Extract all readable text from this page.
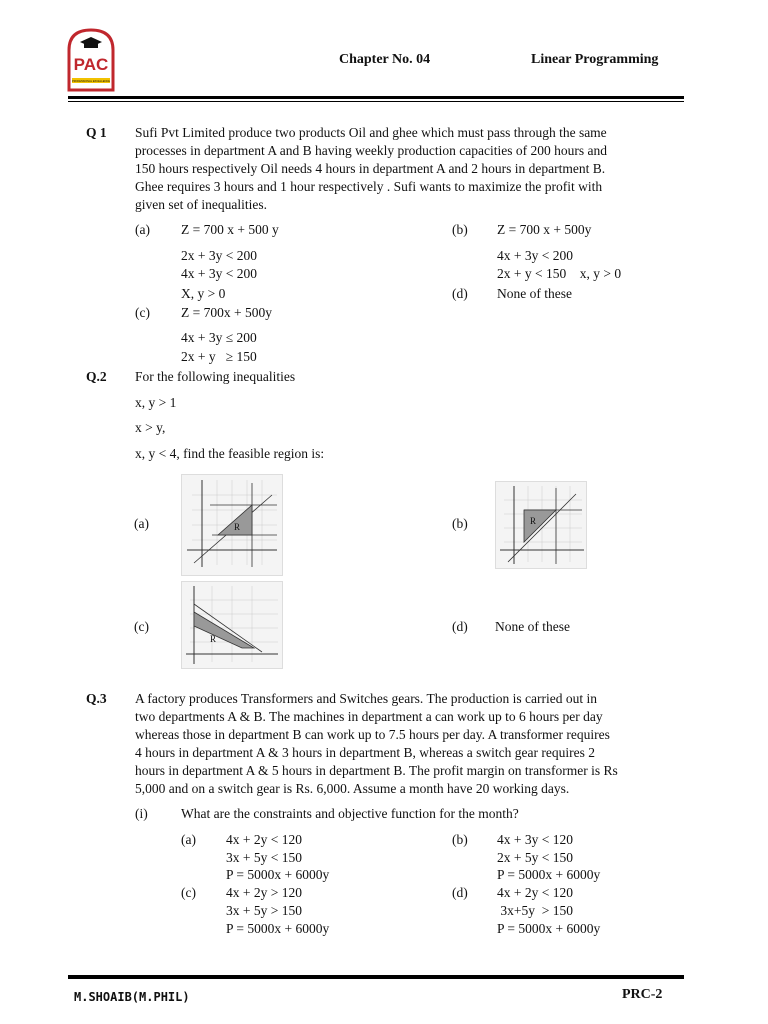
PAC
PROFESSIONAL EXCELLENCE
Chapter No. 04	Linear Programming
Q 1 Sufi Pvt Limited produce two products Oil and ghee which must pass through the same
processes in department A and B having weekly production capacities of 200 hours and
150 hours respectively Oil needs 4 hours in department A and 2 hours in department B.
Ghee requires 3 hours and 1 hour respectively . Sufi wants to maximize the profit with
given set of inequalities.
(a) Z = 700 x + 500 y
2x + 3y < 200
4x + 3y < 200
X, y > 0
(b) Z = 700 x + 500y
4x + 3y < 200
2x + y < 150    x, y > 0
(d) None of these
(c) Z = 700x + 500y
4x + 3y ≤ 200
2x + y   ≥ 150
Q.2 For the following inequalities
x, y > 1
x > y,
x, y < 4, find the feasible region is:
(a)	R	(b)	R
(c)
R
(d) None of these
Q.3 A factory produces Transformers and Switches gears. The production is carried out in
two departments A & B. The machines in department a can work up to 6 hours per day
whereas those in department B can work up to 7.5 hours per day. A transformer requires
4 hours in department A & 3 hours in department B, whereas a switch gear requires 2
hours in department A & 5 hours in department B. The profit margin on transformer is Rs
5,000 and on a switch gear is Rs. 6,000. Assume a month have 20 working days.
(i) What are the constraints and objective function for the month?
(a) 4x + 2y < 120
3x + 5y < 150
P = 5000x + 6000y
(b) 4x + 3y < 120
2x + 5y < 150
P = 5000x + 6000y
(c) 4x + 2y > 120
3x + 5y > 150
P = 5000x + 6000y
(d) 4x + 2y < 120
3x+5y  > 150
P = 5000x + 6000y
M.SHOAIB(M.PHIL)	PRC-2
